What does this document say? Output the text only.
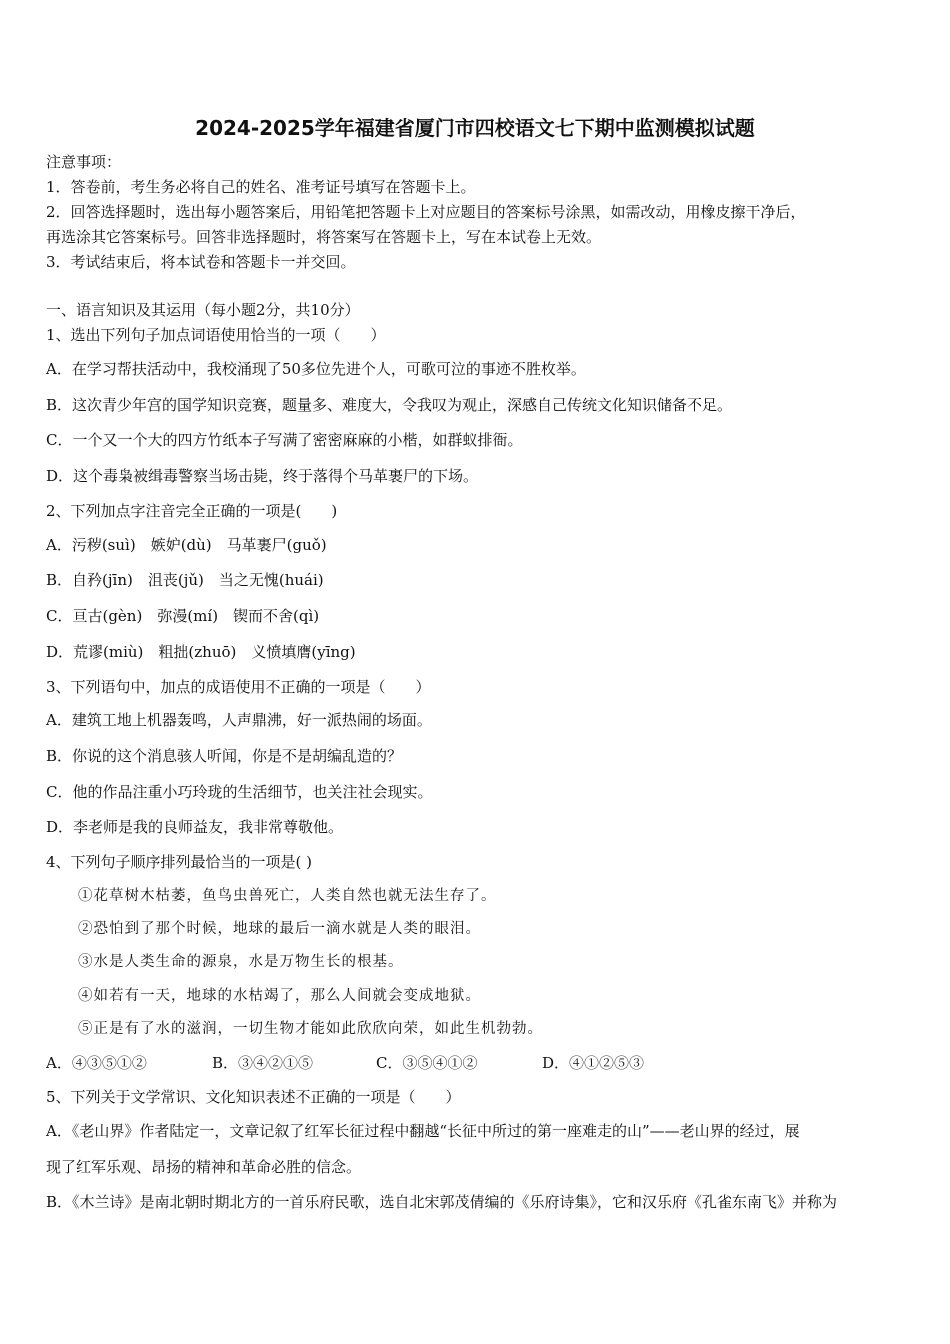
2024-2025学年福建省厦门市四校语文七下期中监测模拟试题
注意事项：
1．答卷前，考生务必将自己的姓名、准考证号填写在答题卡上。
2．回答选择题时，选出每小题答案后，用铅笔把答题卡上对应题目的答案标号涂黑，如需改动，用橡皮擦干净后，
再选涂其它答案标号。回答非选择题时，将答案写在答题卡上，写在本试卷上无效。
3．考试结束后，将本试卷和答题卡一并交回。
一、语言知识及其运用（每小题2分，共10分）
1、选出下列句子加点词语使用恰当的一项（　　）
A．在学习帮扶活动中，我校涌现了50多位先进个人，可歌可泣的事迹不胜枚举。
B．这次青少年宫的国学知识竞赛，题量多、难度大，令我叹为观止，深感自己传统文化知识储备不足。
C．一个又一个大的四方竹纸本子写满了密密麻麻的小楷，如群蚁排衙。
D．这个毒枭被缉毒警察当场击毙，终于落得个马革裹尸的下场。
2、下列加点字注音完全正确的一项是(　　)
A．污秽(suì)　嫉妒(dù)　马革裹尸(guǒ)
B．自矜(jīn)　沮丧(jǔ)　当之无愧(huái)
C．亘古(gèn)　弥漫(mí)　锲而不舍(qì)
D．荒谬(miù)　粗拙(zhuō)　义愤填膺(yīng)
3、下列语句中，加点的成语使用不正确的一项是（　　）
A．建筑工地上机器轰鸣，人声鼎沸，好一派热闹的场面。
B．你说的这个消息骇人听闻，你是不是胡编乱造的？
C．他的作品注重小巧玲珑的生活细节，也关注社会现实。
D．李老师是我的良师益友，我非常尊敬他。
4、下列句子顺序排列最恰当的一项是( )
①花草树木枯萎，鱼鸟虫兽死亡，人类自然也就无法生存了。
②恐怕到了那个时候，地球的最后一滴水就是人类的眼泪。
③水是人类生命的源泉，水是万物生长的根基。
④如若有一天，地球的水枯竭了，那么人间就会变成地狱。
⑤正是有了水的滋润，一切生物才能如此欣欣向荣，如此生机勃勃。
A．④③⑤①②	B．③④②①⑤	C．③⑤④①②	D．④①②⑤③
5、下列关于文学常识、文化知识表述不正确的一项是（　　）
A．《老山界》作者陆定一，文章记叙了红军长征过程中翻越“长征中所过的第一座难走的山”——老山界的经过，展
现了红军乐观、昂扬的精神和革命必胜的信念。
B．《木兰诗》是南北朝时期北方的一首乐府民歌，选自北宋郭茂倩编的《乐府诗集》，它和汉乐府《孔雀东南飞》并称为
